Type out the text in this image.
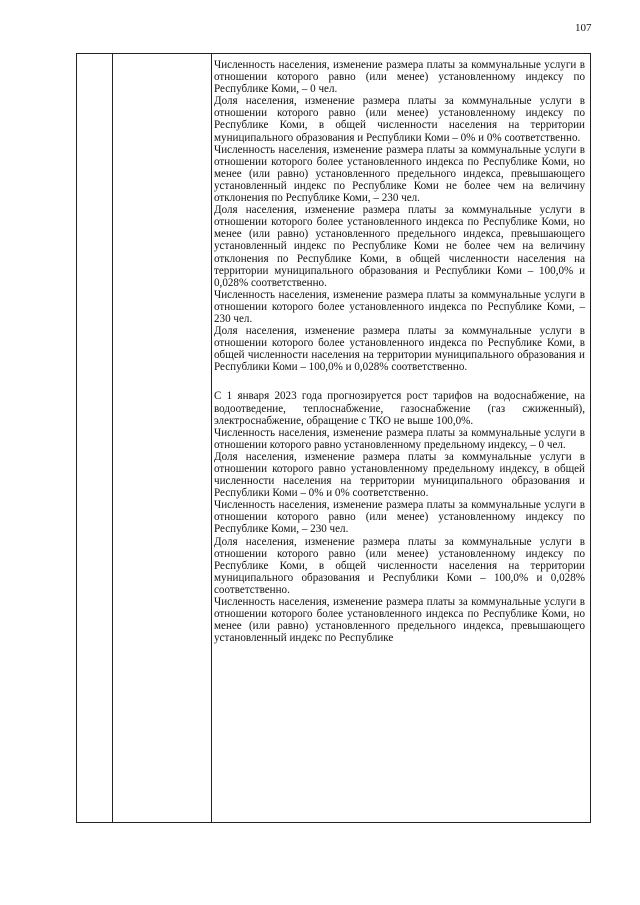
107

Численность населения, изменение размера платы за коммунальные услуги в отношении которого равно (или менее) установленному индексу по Республике Коми, – 0 чел.

Доля населения, изменение размера платы за коммунальные услуги в отношении которого равно (или менее) установленному индексу по Республике Коми, в общей численности населения на территории муниципального образования и Республики Коми – 0% и 0% соответственно.

Численность населения, изменение размера платы за коммунальные услуги в отношении которого более установленного индекса по Республике Коми, но менее (или равно) установленного предельного индекса, превышающего установленный индекс по Республике Коми не более чем на величину отклонения по Республике Коми, – 230 чел.

Доля населения, изменение размера платы за коммунальные услуги в отношении которого более установленного индекса по Республике Коми, но менее (или равно) установленного предельного индекса, превышающего установленный индекс по Республике Коми не более чем на величину отклонения по Республике Коми, в общей численности населения на территории муниципального образования и Республики Коми – 100,0% и 0,028% соответственно.

Численность населения, изменение размера платы за коммунальные услуги в отношении которого более установленного индекса по Республике Коми, – 230 чел.

Доля населения, изменение размера платы за коммунальные услуги в отношении которого более установленного индекса по Республике Коми, в общей численности населения на территории муниципального образования и Республики Коми – 100,0% и 0,028% соответственно.

С 1 января 2023 года прогнозируется рост тарифов на водоснабжение, на водоотведение, теплоснабжение, газоснабжение (газ сжиженный), электроснабжение, обращение с ТКО не выше 100,0%.

Численность населения, изменение размера платы за коммунальные услуги в отношении которого равно установленному предельному индексу, – 0 чел.

Доля населения, изменение размера платы за коммунальные услуги в отношении которого равно установленному предельному индексу, в общей численности населения на территории муниципального образования и Республики Коми – 0% и 0% соответственно.

Численность населения, изменение размера платы за коммунальные услуги в отношении которого равно (или менее) установленному индексу по Республике Коми, – 230 чел.

Доля населения, изменение размера платы за коммунальные услуги в отношении которого равно (или менее) установленному индексу по Республике Коми, в общей численности населения на территории муниципального образования и Республики Коми – 100,0% и 0,028% соответственно.

Численность населения, изменение размера платы за коммунальные услуги в отношении которого более установленного индекса по Республике Коми, но менее (или равно) установленного предельного индекса, превышающего установленный индекс по Республике
